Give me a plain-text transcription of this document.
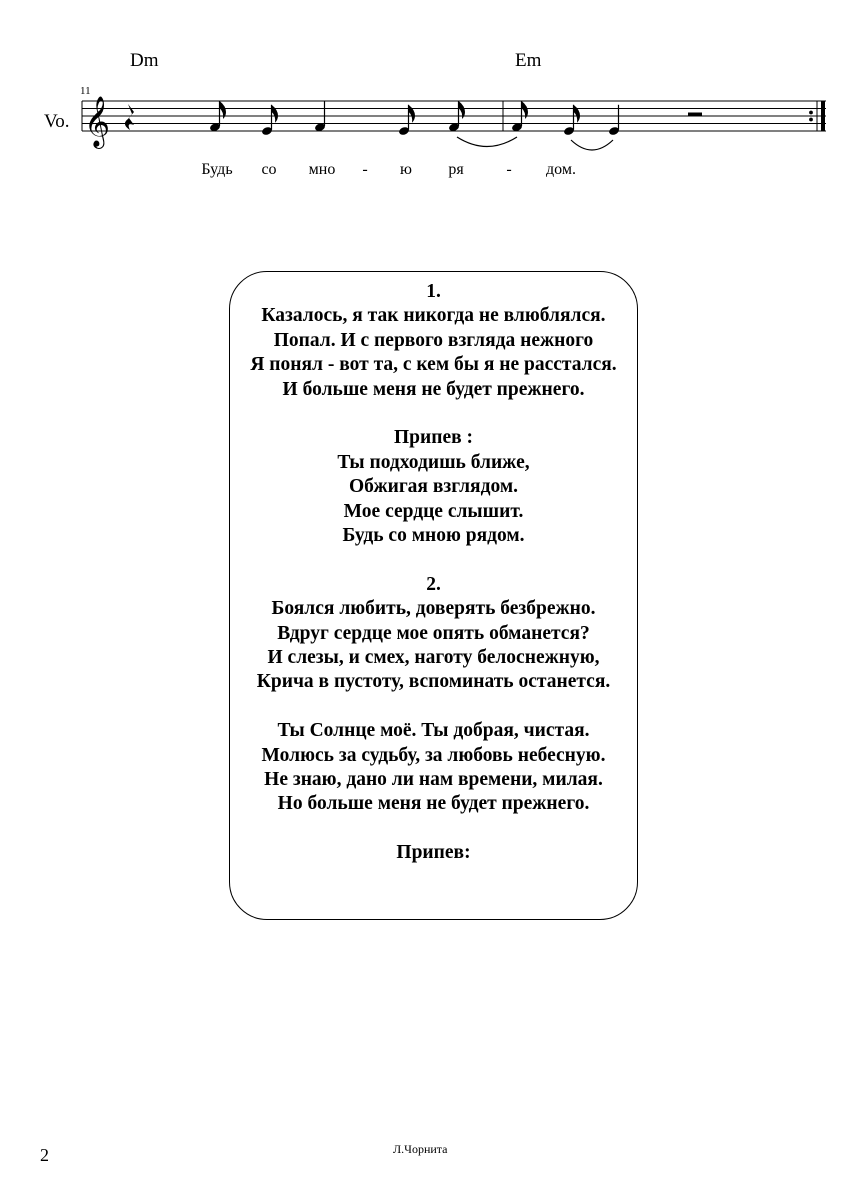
Dm	Em
11
Vo. 𝄞
Будь со мно - ю ря	- дом.
1.
Казалось, я так никогда не влюблялся.
Попал. И с первого взгляда нежного
Я понял - вот та, с кем бы я не расстался.
И больше меня не будет прежнего.
Припев :
Ты подходишь ближе,
Обжигая взглядом.
Мое сердце слышит.
Будь со мною рядом.
2.
Боялся любить, доверять безбрежно.
Вдруг сердце мое опять обманется?
И слезы, и смех, наготу белоснежную,
Крича в пустоту, вспоминать останется.
Ты Солнце моё. Ты добрая, чистая.
Молюсь за судьбу, за любовь небесную.
Не знаю, дано ли нам времени, милая.
Но больше меня не будет прежнего.
Припев:
2	Л.Чорнита
